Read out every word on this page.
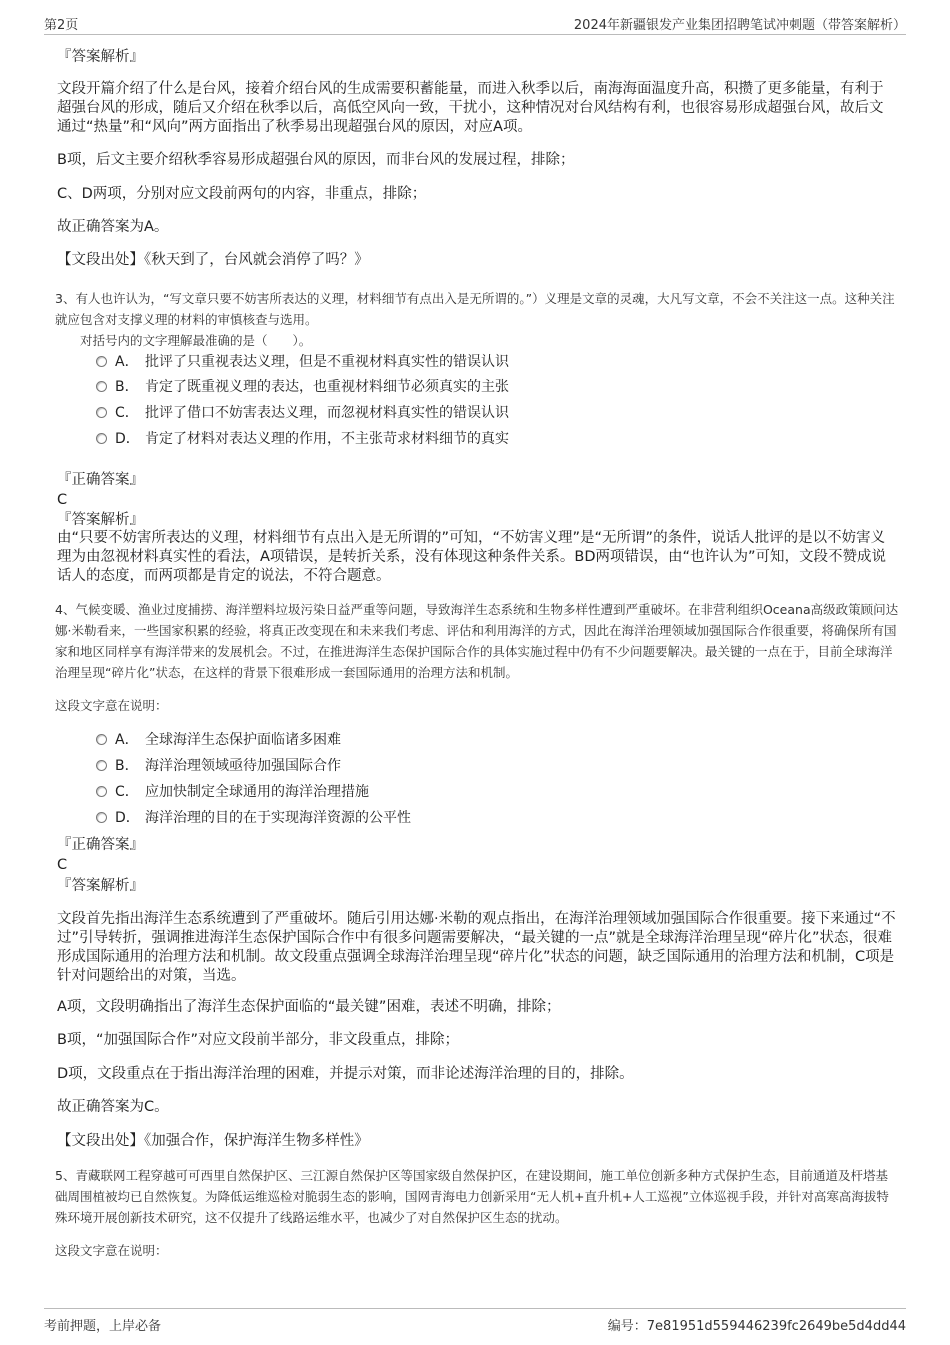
第2页	2024年新疆银发产业集团招聘笔试冲刺题（带答案解析）
『答案解析』
文段开篇介绍了什么是台风，接着介绍台风的生成需要积蓄能量，而进入秋季以后，南海海面温度升高，积攒了更多能量，有利于超强台风的形成，随后又介绍在秋季以后，高低空风向一致，干扰小，这种情况对台风结构有利，也很容易形成超强台风，故后文通过“热量”和“风向”两方面指出了秋季易出现超强台风的原因，对应A项。
B项，后文主要介绍秋季容易形成超强台风的原因，而非台风的发展过程，排除；
C、D两项，分别对应文段前两句的内容，非重点，排除；
故正确答案为A。
【文段出处】《秋天到了，台风就会消停了吗？》
3、有人也许认为，“写文章只要不妨害所表达的义理，材料细节有点出入是无所谓的。”）义理是文章的灵魂，大凡写文章，不会不关注这一点。这种关注就应包含对支撑义理的材料的审慎核查与选用。
对括号内的文字理解最准确的是（　　）。
A． 批评了只重视表达义理，但是不重视材料真实性的错误认识
B． 肯定了既重视义理的表达，也重视材料细节必须真实的主张
C． 批评了借口不妨害表达义理，而忽视材料真实性的错误认识
D． 肯定了材料对表达义理的作用，不主张苛求材料细节的真实
『正确答案』
C
『答案解析』
由“只要不妨害所表达的义理，材料细节有点出入是无所谓的”可知，“不妨害义理”是“无所谓”的条件，说话人批评的是以不妨害义理为由忽视材料真实性的看法，A项错误，是转折关系，没有体现这种条件关系。BD两项错误，由“也许认为”可知，文段不赞成说话人的态度，而两项都是肯定的说法，不符合题意。
4、气候变暖、渔业过度捕捞、海洋塑料垃圾污染日益严重等问题，导致海洋生态系统和生物多样性遭到严重破坏。在非营利组织Oceana高级政策顾问达娜·米勒看来，一些国家积累的经验，将真正改变现在和未来我们考虑、评估和利用海洋的方式，因此在海洋治理领域加强国际合作很重要，将确保所有国家和地区同样享有海洋带来的发展机会。不过，在推进海洋生态保护国际合作的具体实施过程中仍有不少问题要解决。最关键的一点在于，目前全球海洋治理呈现“碎片化”状态，在这样的背景下很难形成一套国际通用的治理方法和机制。
这段文字意在说明：
A． 全球海洋生态保护面临诸多困难
B． 海洋治理领域亟待加强国际合作
C． 应加快制定全球通用的海洋治理措施
D． 海洋治理的目的在于实现海洋资源的公平性
『正确答案』
C
『答案解析』
文段首先指出海洋生态系统遭到了严重破坏。随后引用达娜·米勒的观点指出，在海洋治理领域加强国际合作很重要。接下来通过“不过”引导转折，强调推进海洋生态保护国际合作中有很多问题需要解决，“最关键的一点”就是全球海洋治理呈现“碎片化”状态，很难形成国际通用的治理方法和机制。故文段重点强调全球海洋治理呈现“碎片化”状态的问题，缺乏国际通用的治理方法和机制，C项是针对问题给出的对策，当选。
A项，文段明确指出了海洋生态保护面临的“最关键”困难，表述不明确，排除；
B项，“加强国际合作”对应文段前半部分，非文段重点，排除；
D项，文段重点在于指出海洋治理的困难，并提示对策，而非论述海洋治理的目的，排除。
故正确答案为C。
【文段出处】《加强合作，保护海洋生物多样性》
5、青藏联网工程穿越可可西里自然保护区、三江源自然保护区等国家级自然保护区，在建设期间，施工单位创新多种方式保护生态，目前通道及杆塔基础周围植被均已自然恢复。为降低运维巡检对脆弱生态的影响，国网青海电力创新采用“无人机+直升机+人工巡视”立体巡视手段，并针对高寒高海拔特殊环境开展创新技术研究，这不仅提升了线路运维水平，也减少了对自然保护区生态的扰动。
这段文字意在说明：
考前押题，上岸必备	编号：7e81951d559446239fc2649be5d4dd44
